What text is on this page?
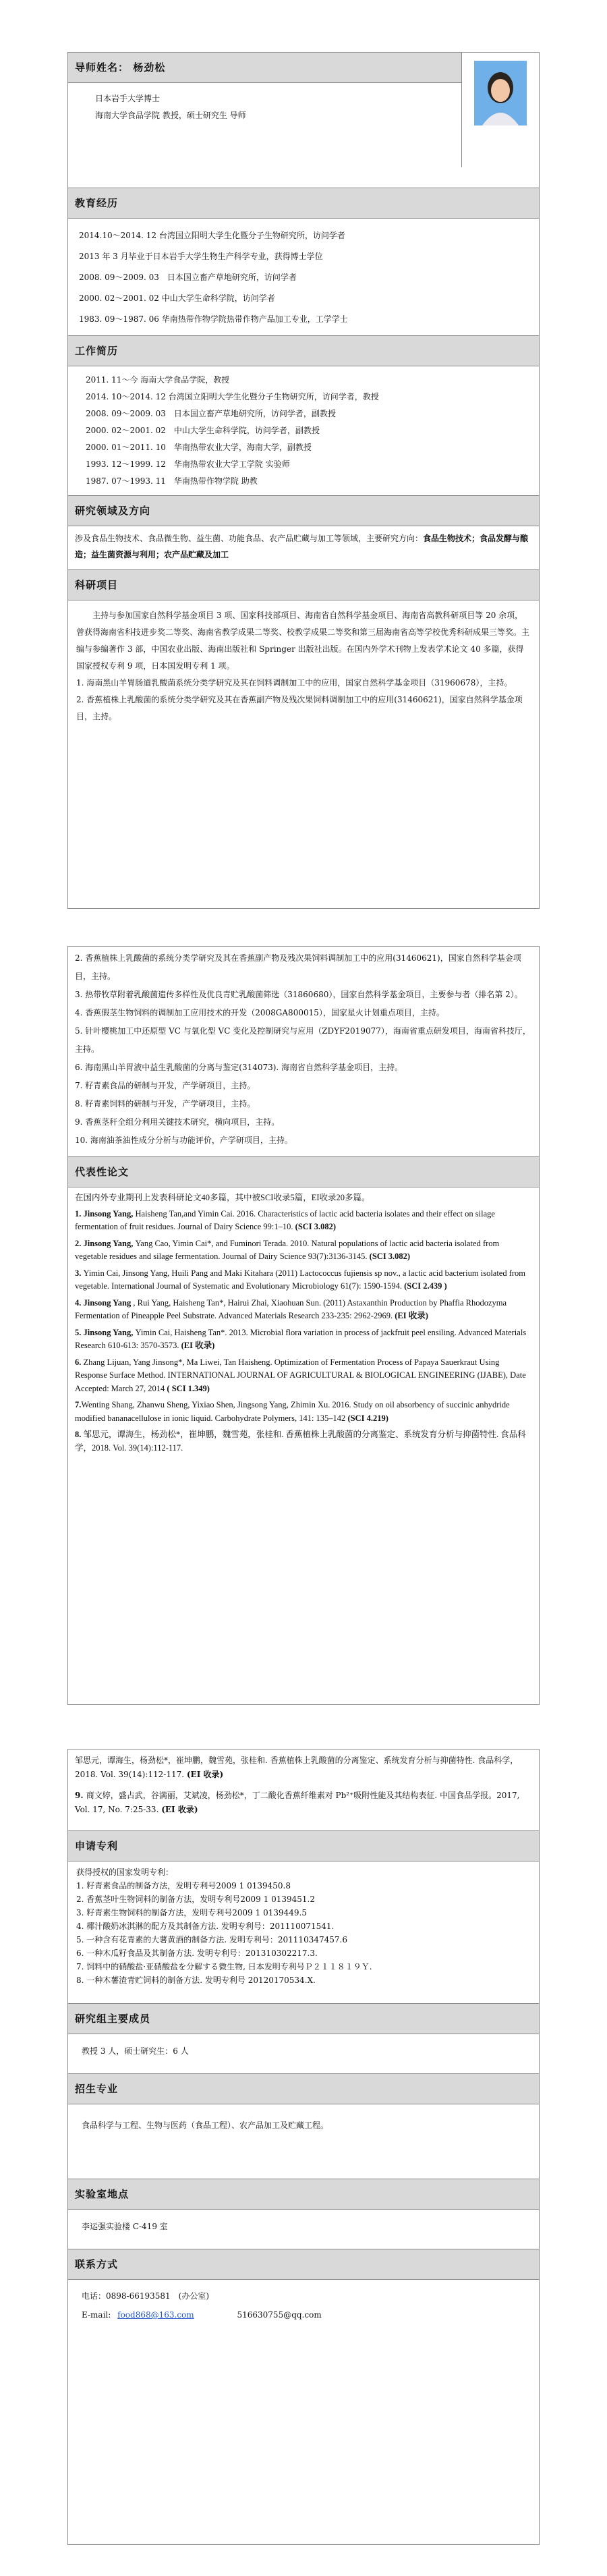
导师姓名： 杨劲松
日本岩手大学博士
海南大学食品学院 教授，硕士研究生 导师
教育经历
2014.10～2014. 12 台湾国立阳明大学生化暨分子生物研究所，访问学者
2013 年 3 月毕业于日本岩手大学生物生产科学专业，获得博士学位
2008. 09～2009. 03　日本国立畜产草地研究所，访问学者
2000. 02～2001. 02 中山大学生命科学院，访问学者
1983. 09～1987. 06 华南热带作物学院热带作物产品加工专业，工学学士
工作简历
2011. 11～今 海南大学食品学院，教授
2014. 10～2014. 12 台湾国立阳明大学生化暨分子生物研究所，访问学者，教授
2008. 09～2009. 03　日本国立畜产草地研究所，访问学者，副教授
2000. 02～2001. 02　中山大学生命科学院，访问学者，副教授
2000. 01～2011. 10　华南热带农业大学，海南大学，副教授
1993. 12～1999. 12　华南热带农业大学工学院 实验师
1987. 07～1993. 11　华南热带作物学院 助教
研究领域及方向
涉及食品生物技术、食品微生物、益生菌、功能食品、农产品贮藏与加工等领域，主要研究方向：食品生物技术；食品发酵与酿造；益生菌资源与利用；农产品贮藏及加工
科研项目
主持与参加国家自然科学基金项目 3 项、国家科技部项目、海南省自然科学基金项目、海南省高教科研项目等 20 余项，曾获得海南省科技进步奖二等奖、海南省教学成果二等奖、校教学成果二等奖和第三届海南省高等学校优秀科研成果三等奖。主编与参编著作 3 部，中国农业出版、海南出版社和 Springer 出版社出版。在国内外学术刊物上发表学术论文 40 多篇，获得国家授权专利 9 项，日本国发明专利 1 项。
1. 海南黑山羊胃肠道乳酸菌系统分类学研究及其在饲料调制加工中的应用，国家自然科学基金项目（31960678），主持。
2. 香蕉植株上乳酸菌的系统分类学研究及其在香蕉副产物及残次果饲料调制加工中的应用(31460621)，国家自然科学基金项目，主持。
2. 香蕉植株上乳酸菌的系统分类学研究及其在香蕉副产物及残次果饲料调制加工中的应用(31460621)，国家自然科学基金项目，主持。
3. 热带牧草附着乳酸菌遗传多样性及优良青贮乳酸菌筛选（31860680），国家自然科学基金项目，主要参与者（排名第 2）。
4. 香蕉假茎生物饲料的调制加工应用技术的开发（2008GA800015），国家星火计划重点项目，主持。
5. 针叶樱桃加工中还原型 VC 与氧化型 VC 变化及控制研究与应用（ZDYF2019077），海南省重点研发项目，海南省科技厅，主持。
6. 海南黑山羊胃液中益生乳酸菌的分离与鉴定(314073). 海南省自然科学基金项目，主持。
7. 籽青素食品的研制与开发，产学研项目，主持。
8. 籽青素饲料的研制与开发，产学研项目，主持。
9. 香蕉茎秆全组分利用关键技术研究，横向项目，主持。
10. 海南油茶油性成分分析与功能评价，产学研项目，主持。
代表性论文
在国内外专业期刊上发表科研论文40多篇，其中被SCI收录5篇，EI收录20多篇。
1. Jinsong Yang, Haisheng Tan,and Yimin Cai. 2016. Characteristics of lactic acid bacteria isolates and their effect on silage fermentation of fruit residues. Journal of Dairy Science 99:1–10. (SCI 3.082)
2. Jinsong Yang, Yang Cao, Yimin Cai*, and Fuminori Terada. 2010. Natural populations of lactic acid bacteria isolated from vegetable residues and silage fermentation. Journal of Dairy Science 93(7):3136-3145. (SCI 3.082)
3. Yimin Cai, Jinsong Yang, Huili Pang and Maki Kitahara (2011) Lactococcus fujiensis sp nov., a lactic acid bacterium isolated from vegetable. International Journal of Systematic and Evolutionary Microbiology 61(7): 1590-1594. (SCI 2.439 )
4. Jinsong Yang , Rui Yang, Haisheng Tan*, Hairui Zhai, Xiaohuan Sun. (2011) Astaxanthin Production by Phaffia Rhodozyma Fermentation of Pineapple Peel Substrate. Advanced Materials Research 233-235: 2962-2969. (EI 收录)
5. Jinsong Yang, Yimin Cai, Haisheng Tan*. 2013. Microbial flora variation in process of jackfruit peel ensiling. Advanced Materials Research 610-613: 3570-3573. (EI 收录)
6. Zhang Lijuan, Yang Jinsong*, Ma Liwei, Tan Haisheng. Optimization of Fermentation Process of Papaya Sauerkraut Using Response Surface Method. INTERNATIONAL JOURNAL OF AGRICULTURAL & BIOLOGICAL ENGINEERING (IJABE), Date Accepted: March 27, 2014 ( SCI 1.349)
7.Wenting Shang, Zhanwu Sheng, Yixiao Shen, Jingsong Yang, Zhimin Xu. 2016. Study on oil absorbency of succinic anhydride modified bananacellulose in ionic liquid. Carbohydrate Polymers, 141: 135–142 (SCI 4.219)
8. 邹思元，谭海生，杨劲松*，崔坤鹏，魏雪苑，张桂和. 香蕉植株上乳酸菌的分离鉴定、系统发育分析与抑菌特性. 食品科学，2018. Vol. 39(14):112-117.
邹思元，谭海生，杨劲松*，崔坤鹏，魏雪苑，张桂和. 香蕉植株上乳酸菌的分离鉴定、系统发育分析与抑菌特性. 食品科学，2018. Vol. 39(14):112-117. (EI 收录)
9. 商文婷，盛占武，谷满丽，艾斌凌，杨劲松*，丁二酸化香蕉纤维素对 Pb²⁺吸附性能及其结构表征. 中国食品学报。2017, Vol. 17, No. 7:25-33. (EI 收录)
申请专利
获得授权的国家发明专利：
1. 籽青素食品的制备方法，发明专利号2009 1 0139450.8
2. 香蕉茎叶生物饲料的制备方法，发明专利号2009 1 0139451.2
3. 籽青素生物饲料的制备方法，发明专利号2009 1 0139449.5
4. 椰汁酸奶冰淇淋的配方及其制备方法. 发明专利号：201110071541.
5. 一种含有花青素的大薯黄酒的制备方法. 发明专利号：201110347457.6
6. 一种木瓜籽食品及其制备方法. 发明专利号：201310302217.3.
7. 饲料中的硝酸盐·亚硝酸盐を分解する微生物, 日本发明专利号Ｐ２１１８１９Ｙ.
8. 一种木薯渣青贮饲料的制备方法. 发明专利号 20120170534.X.
研究组主要成员
教授 3 人，硕士研究生：6 人
招生专业
食品科学与工程、生物与医药（食品工程）、农产品加工及贮藏工程。
实验室地点
李运强实验楼 C-419 室
联系方式
电话：0898-66193581　(办公室)
E-mail: food868@163.com	516630755@qq.com
